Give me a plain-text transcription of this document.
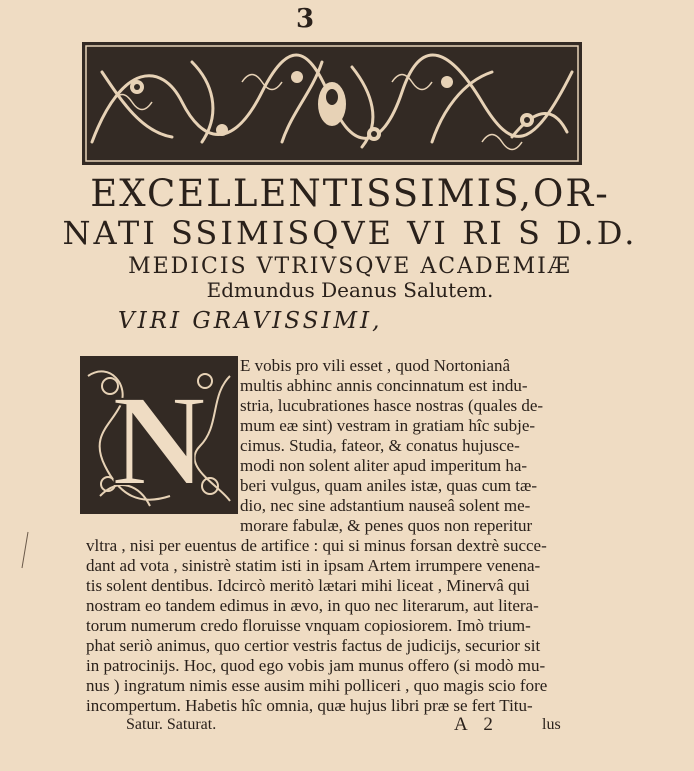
3
EXCELLENTISSIMIS,OR-
NATI SSIMISQVE VI RI S D.D.
MEDICIS VTRIVSQVE ACADEMIÆ
Edmundus Deanus Salutem.
VIRI GRAVISSIMI,
N
E vobis pro vili esset , quod Nortonianâ
multis abhinc annis concinnatum est indu-
stria, lucubrationes hasce nostras (quales de-
mum eæ sint) vestram in gratiam hîc subje-
cimus. Studia, fateor, & conatus hujusce-
modi non solent aliter apud imperitum ha-
beri vulgus, quam aniles istæ, quas cum tæ-
dio, nec sine adstantium nauseâ solent me-
morare fabulæ, & penes quos non reperitur
vltra , nisi per euentus de artifice : qui si minus forsan dextrè succe-
dant ad vota , sinistrè statim isti in ipsam Artem irrumpere venena-
tis solent dentibus. Idcircò meritò lætari mihi liceat , Minervâ qui
nostram eo tandem edimus in ævo, in quo nec literarum, aut litera-
torum numerum credo floruisse vnquam copiosiorem. Imò trium-
phat seriò animus, quo certior vestris factus de judicijs, securior sit
in patrocinijs. Hoc, quod ego vobis jam munus offero (si modò mu-
nus ) ingratum nimis esse ausim mihi polliceri , quo magis scio fore
incompertum. Habetis hîc omnia, quæ hujus libri præ se fert Titu-
Satur. Saturat.	A 2	lus
